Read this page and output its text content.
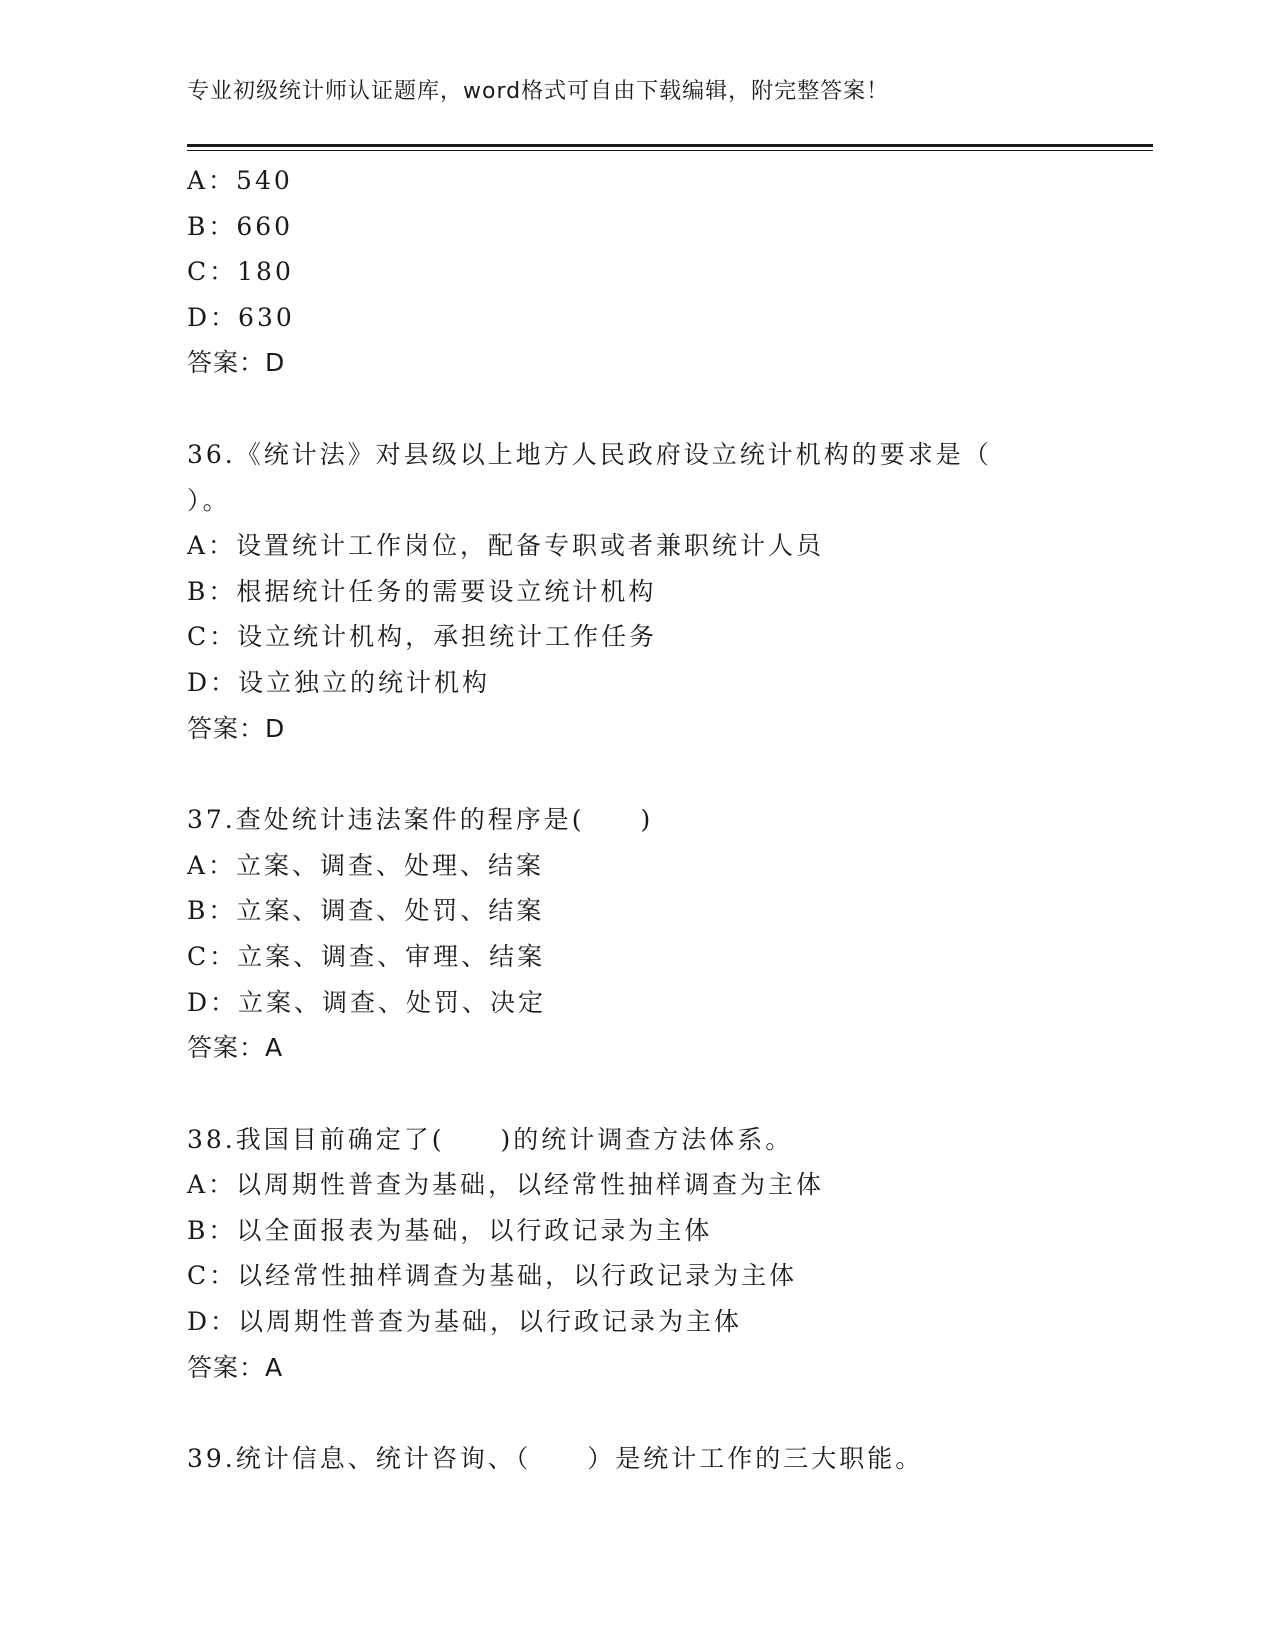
专业初级统计师认证题库，word格式可自由下载编辑，附完整答案！
A：540
B：660
C：180
D：630
答案：D
36.《统计法》对县级以上地方人民政府设立统计机构的要求是（
）。
A：设置统计工作岗位，配备专职或者兼职统计人员
B：根据统计任务的需要设立统计机构
C：设立统计机构，承担统计工作任务
D：设立独立的统计机构
答案：D
37.查处统计违法案件的程序是(　　)
A：立案、调查、处理、结案
B：立案、调查、处罚、结案
C：立案、调查、审理、结案
D：立案、调查、处罚、决定
答案：A
38.我国目前确定了(　　)的统计调查方法体系。
A：以周期性普查为基础，以经常性抽样调查为主体
B：以全面报表为基础，以行政记录为主体
C：以经常性抽样调查为基础，以行政记录为主体
D：以周期性普查为基础，以行政记录为主体
答案：A
39.统计信息、统计咨询、（　　）是统计工作的三大职能。
